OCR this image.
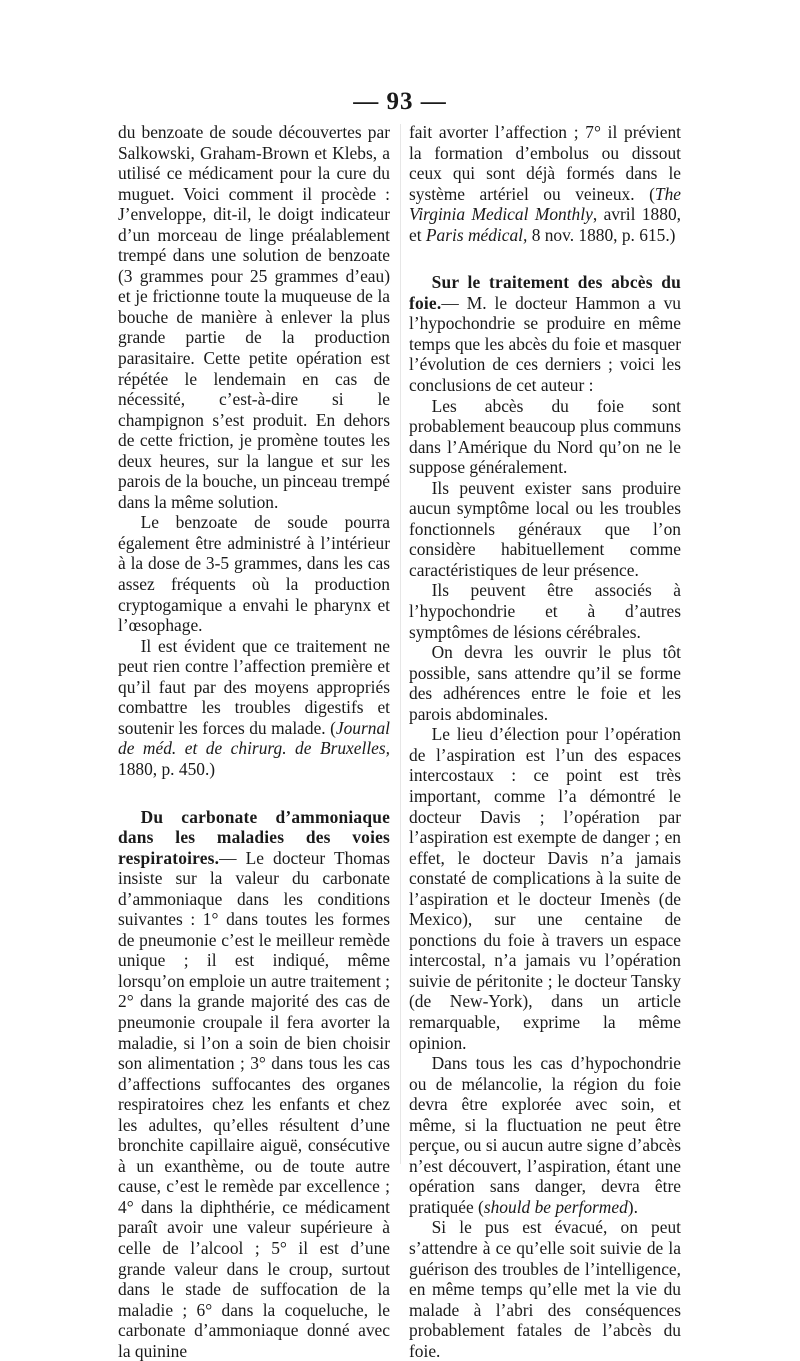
— 93 —

du benzoate de soude découvertes par Salkowski, Graham-Brown et Klebs, a utilisé ce médicament pour la cure du muguet. Voici comment il procède : J’enveloppe, dit-il, le doigt indicateur d’un morceau de linge préalablement trempé dans une solution de benzoate (3 grammes pour 25 grammes d’eau) et je frictionne toute la muqueuse de la bouche de manière à enlever la plus grande partie de la production parasitaire. Cette petite opération est répétée le lendemain en cas de nécessité, c’est-à-dire si le champignon s’est produit. En dehors de cette friction, je promène toutes les deux heures, sur la langue et sur les parois de la bouche, un pinceau trempé dans la même solution.

Le benzoate de soude pourra également être administré à l’intérieur à la dose de 3-5 grammes, dans les cas assez fréquents où la production cryptogamique a envahi le pharynx et l’œsophage.

Il est évident que ce traitement ne peut rien contre l’affection première et qu’il faut par des moyens appropriés combattre les troubles digestifs et soutenir les forces du malade. (Journal de méd. et de chirurg. de Bruxelles, 1880, p. 450.)

Du carbonate d’ammoniaque dans les maladies des voies respiratoires.— Le docteur Thomas insiste sur la valeur du carbonate d’ammoniaque dans les conditions suivantes : 1° dans toutes les formes de pneumonie c’est le meilleur remède unique ; il est indiqué, même lorsqu’on emploie un autre traitement ; 2° dans la grande majorité des cas de pneumonie croupale il fera avorter la maladie, si l’on a soin de bien choisir son alimentation ; 3° dans tous les cas d’affections suffocantes des organes respiratoires chez les enfants et chez les adultes, qu’elles résultent d’une bronchite capillaire aiguë, consécutive à un exanthème, ou de toute autre cause, c’est le remède par excellence ; 4° dans la diphthérie, ce médicament paraît avoir une valeur supérieure à celle de l’alcool ; 5° il est d’une grande valeur dans le croup, surtout dans le stade de suffocation de la maladie ; 6° dans la coqueluche, le carbonate d’ammoniaque donné avec la quinine

fait avorter l’affection ; 7° il prévient la formation d’embolus ou dissout ceux qui sont déjà formés dans le système artériel ou veineux. (The Virginia Medical Monthly, avril 1880, et Paris médical, 8 nov. 1880, p. 615.)

Sur le traitement des abcès du foie.— M. le docteur Hammon a vu l’hypochondrie se produire en même temps que les abcès du foie et masquer l’évolution de ces derniers ; voici les conclusions de cet auteur :

Les abcès du foie sont probablement beaucoup plus communs dans l’Amérique du Nord qu’on ne le suppose généralement.

Ils peuvent exister sans produire aucun symptôme local ou les troubles fonctionnels généraux que l’on considère habituellement comme caractéristiques de leur présence.

Ils peuvent être associés à l’hypochondrie et à d’autres symptômes de lésions cérébrales.

On devra les ouvrir le plus tôt possible, sans attendre qu’il se forme des adhérences entre le foie et les parois abdominales.

Le lieu d’élection pour l’opération de l’aspiration est l’un des espaces intercostaux : ce point est très important, comme l’a démontré le docteur Davis ; l’opération par l’aspiration est exempte de danger ; en effet, le docteur Davis n’a jamais constaté de complications à la suite de l’aspiration et le docteur Imenès (de Mexico), sur une centaine de ponctions du foie à travers un espace intercostal, n’a jamais vu l’opération suivie de péritonite ; le docteur Tansky (de New-York), dans un article remarquable, exprime la même opinion.

Dans tous les cas d’hypochondrie ou de mélancolie, la région du foie devra être explorée avec soin, et même, si la fluctuation ne peut être perçue, ou si aucun autre signe d’abcès n’est découvert, l’aspiration, étant une opération sans danger, devra être pratiquée (should be performed).

Si le pus est évacué, on peut s’attendre à ce qu’elle soit suivie de la guérison des troubles de l’intelligence, en même temps qu’elle met la vie du malade à l’abri des conséquences probablement fatales de l’abcès du foie.
